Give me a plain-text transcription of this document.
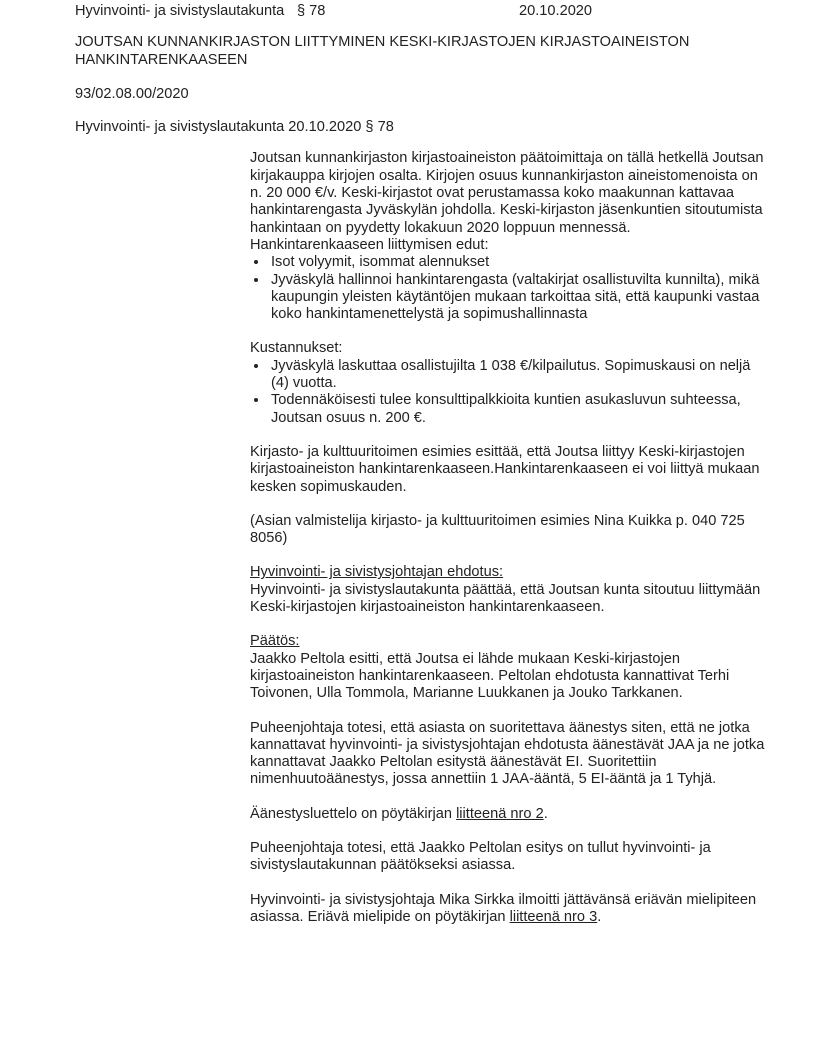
Hyvinvointi- ja sivistyslautakunta § 78	20.10.2020
JOUTSAN KUNNANKIRJASTON LIITTYMINEN KESKI-KIRJASTOJEN KIRJASTOAINEISTON HANKINTARENKAASEEN
93/02.08.00/2020
Hyvinvointi- ja sivistyslautakunta 20.10.2020 § 78

Joutsan kunnankirjaston kirjastoaineiston päätoimittaja on tällä hetkellä Joutsan kirjakauppa kirjojen osalta. Kirjojen osuus kunnankirjaston aineistomenoista on n. 20 000 €/v. Keski-kirjastot ovat perustamassa koko maakunnan kattavaa hankintarengasta Jyväskylän johdolla. Keski-kirjaston jäsenkuntien sitoutumista hankintaan on pyydetty lokakuun 2020 loppuun mennessä.

Hankintarenkaaseen liittymisen edut:

• Isot volyymit, isommat alennukset
• Jyväskylä hallinnoi hankintarengasta (valtakirjat osallistuvilta kunnilta), mikä kaupungin yleisten käytäntöjen mukaan tarkoittaa sitä, että kaupunki vastaa koko hankintamenettelystä ja sopimushallinnasta

Kustannukset:

• Jyväskylä laskuttaa osallistujilta 1 038 €/kilpailutus. Sopimuskausi on neljä (4) vuotta.
• Todennäköisesti tulee konsulttipalkkioita kuntien asukasluvun suhteessa, Joutsan osuus n. 200 €.

Kirjasto- ja kulttuuritoimen esimies esittää, että Joutsa liittyy Keski-kirjastojen kirjastoaineiston hankintarenkaaseen.Hankintarenkaaseen ei voi liittyä mukaan kesken sopimuskauden.

(Asian valmistelija kirjasto- ja kulttuuritoimen esimies Nina Kuikka p. 040 725 8056)

Hyvinvointi- ja sivistysjohtajan ehdotus:

Hyvinvointi- ja sivistyslautakunta päättää, että Joutsan kunta sitoutuu liittymään Keski-kirjastojen kirjastoaineiston hankintarenkaaseen.

Päätös:

Jaakko Peltola esitti, että Joutsa ei lähde mukaan Keski-kirjastojen kirjastoaineiston hankintarenkaaseen. Peltolan ehdotusta kannattivat Terhi Toivonen, Ulla Tommola, Marianne Luukkanen ja Jouko Tarkkanen.

Puheenjohtaja totesi, että asiasta on suoritettava äänestys siten, että ne jotka kannattavat hyvinvointi- ja sivistysjohtajan ehdotusta äänestävät JAA ja ne jotka kannattavat Jaakko Peltolan esitystä äänestävät EI. Suoritettiin nimenhuutoäänestys, jossa annettiin 1 JAA-ääntä, 5 EI-ääntä ja 1 Tyhjä.

Äänestysluettelo on pöytäkirjan liitteenä nro 2.

Puheenjohtaja totesi, että Jaakko Peltolan esitys on tullut hyvinvointi- ja sivistyslautakunnan päätökseksi asiassa.

Hyvinvointi- ja sivistysjohtaja Mika Sirkka ilmoitti jättävänsä eriävän mielipiteen asiassa. Eriävä mielipide on pöytäkirjan liitteenä nro 3.
